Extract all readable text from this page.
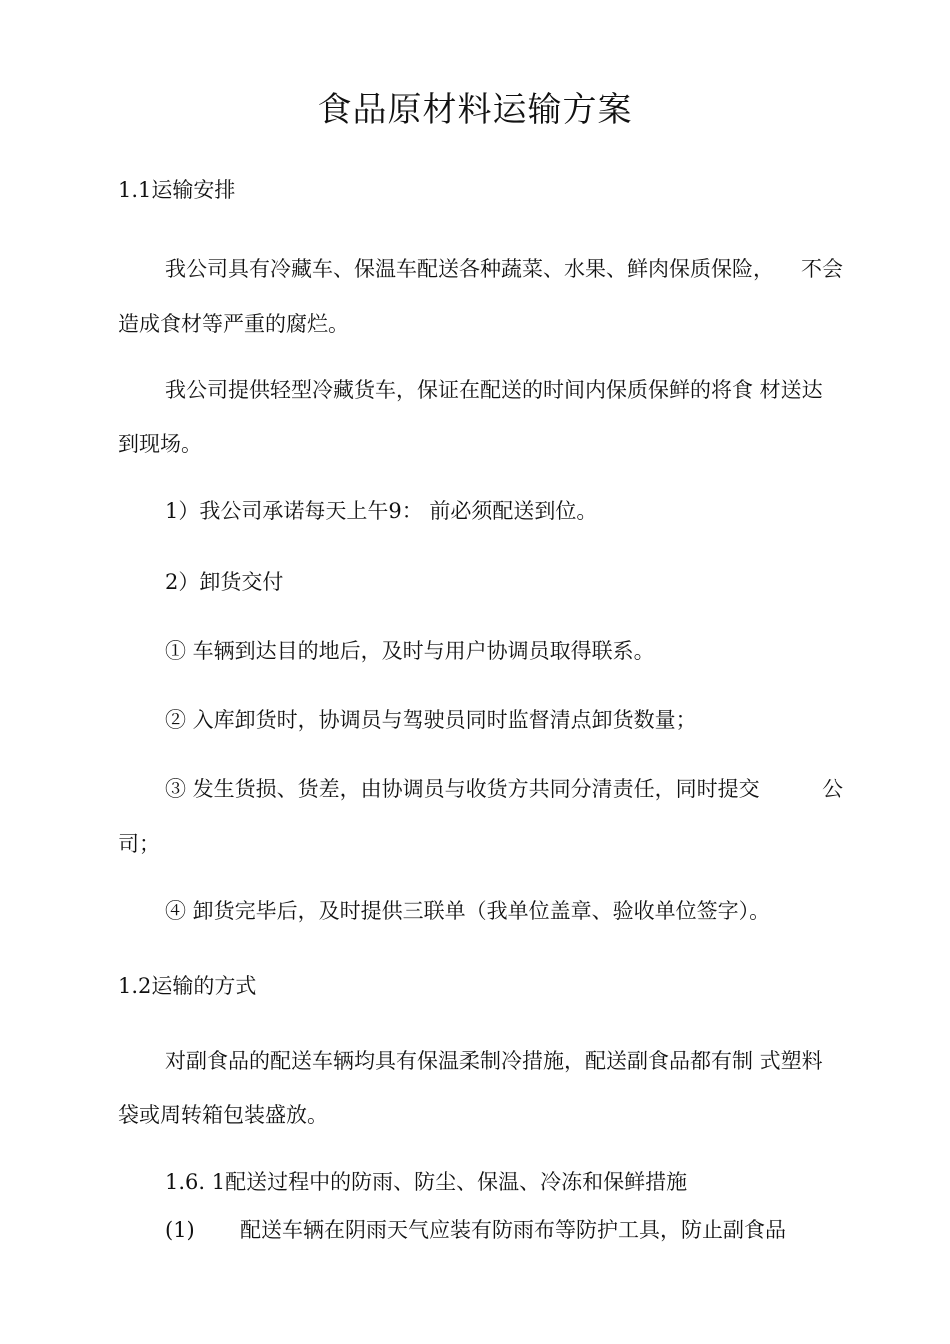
食品原材料运输方案
1.1运输安排
我公司具有冷藏车、保温车配送各种蔬菜、水果、鲜肉保质保险， 不会
造成食材等严重的腐烂。
我公司提供轻型冷藏货车，保证在配送的时间内保质保鲜的将食 材送达
到现场。
1）我公司承诺每天上午9： 前必须配送到位。
2）卸货交付
① 车辆到达目的地后，及时与用户协调员取得联系。
② 入库卸货时，协调员与驾驶员同时监督清点卸货数量；
③ 发生货损、货差，由协调员与收货方共同分清责任，同时提交	公
司；
④ 卸货完毕后，及时提供三联单（我单位盖章、验收单位签字）。
1.2运输的方式
对副食品的配送车辆均具有保温柔制冷措施，配送副食品都有制 式塑料
袋或周转箱包装盛放。
1.6. 1配送过程中的防雨、防尘、保温、冷冻和保鲜措施
(1) 配送车辆在阴雨天气应装有防雨布等防护工具，防止副食品
